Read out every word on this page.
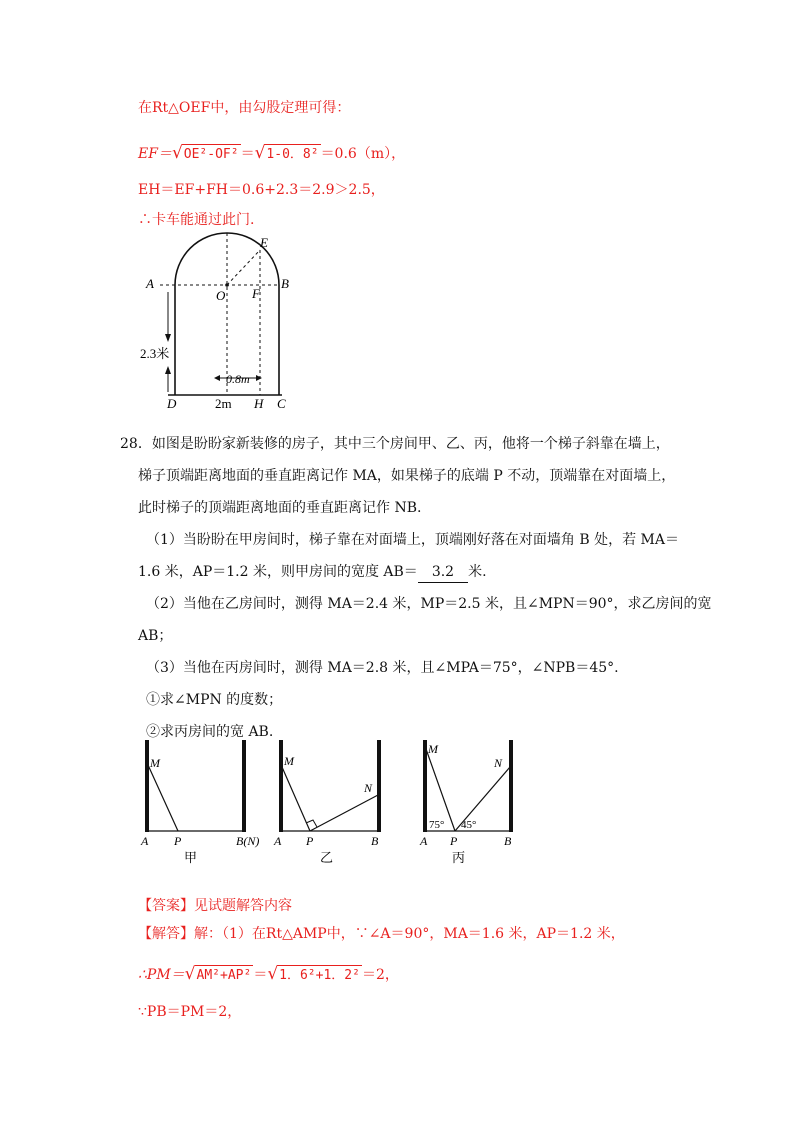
在Rt△OEF中，由勾股定理可得：
EF＝√OE²-OF² ＝√1-0．8² ＝0.6（m），
EH＝EF+FH＝0.6+2.3＝2.9＞2.5，
∴卡车能通过此门.
A	B
O
E
F
2.3米
0.8m
D	2m H C
28．如图是盼盼家新装修的房子，其中三个房间甲、乙、丙，他将一个梯子斜靠在墙上，
梯子顶端距离地面的垂直距离记作 MA，如果梯子的底端 P 不动，顶端靠在对面墙上，
此时梯子的顶端距离地面的垂直距离记作 NB.
（1）当盼盼在甲房间时，梯子靠在对面墙上，顶端刚好落在对面墙角 B 处，若 MA＝
1.6 米，AP＝1.2 米，则甲房间的宽度 AB＝ 3.2 米.
（2）当他在乙房间时，测得 MA＝2.4 米，MP＝2.5 米，且∠MPN＝90°，求乙房间的宽
AB；
（3）当他在丙房间时，测得 MA＝2.8 米，且∠MPA＝75°，∠NPB＝45°.
①求∠MPN 的度数；
②求丙房间的宽 AB.
M
A P	B(N)
甲
M
N
A P	B
乙
M
N
75° 45°
A P	B
丙
【答案】见试题解答内容
【解答】解：（1）在Rt△AMP中，∵∠A＝90°，MA＝1.6 米，AP＝1.2 米，
∴PM＝√AM²+AP² ＝√1．6²+1．2² ＝2，
∵PB＝PM＝2，
